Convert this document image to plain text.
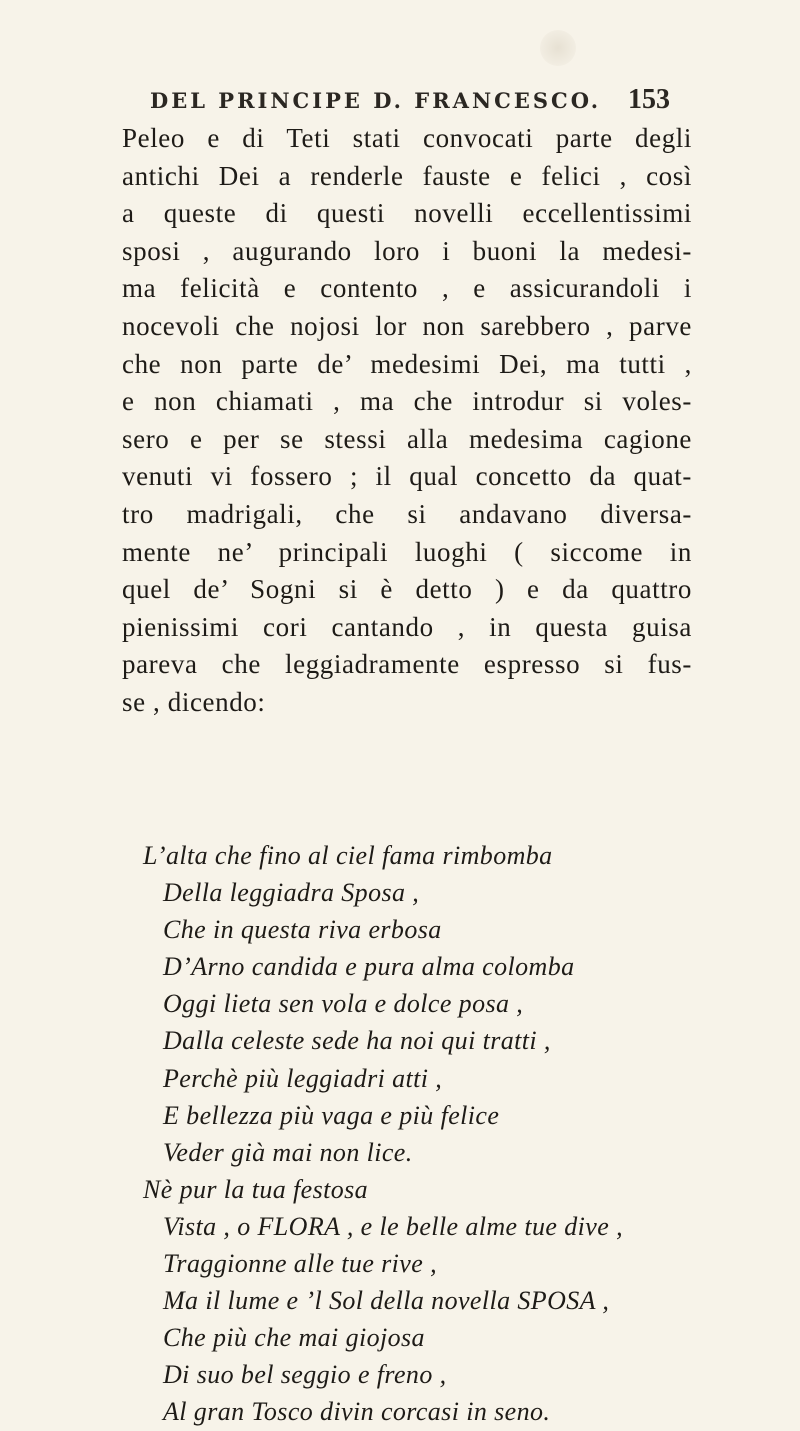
DEL PRINCIPE D. FRANCESCO. 153
Peleo e di Teti stati convocati parte degli
antichi Dei a renderle fauste e felici , così
a queste di questi novelli eccellentissimi
sposi , augurando loro i buoni la medesi-
ma felicità e contento , e assicurandoli i
nocevoli che nojosi lor non sarebbero , parve
che non parte de’ medesimi Dei, ma tutti ,
e non chiamati , ma che introdur si voles-
sero e per se stessi alla medesima cagione
venuti vi fossero ; il qual concetto da quat-
tro madrigali, che si andavano diversa-
mente ne’ principali luoghi ( siccome in
quel de’ Sogni si è detto ) e da quattro
pienissimi cori cantando , in questa guisa
pareva che leggiadramente espresso si fus-
se , dicendo:
L’alta che fino al ciel fama rimbomba
Della leggiadra Sposa ,
Che in questa riva erbosa
D’Arno candida e pura alma colomba
Oggi lieta sen vola e dolce posa ,
Dalla celeste sede ha noi qui tratti ,
Perchè più leggiadri atti ,
E bellezza più vaga e più felice
Veder già mai non lice.
Nè pur la tua festosa
Vista , o FLORA , e le belle alme tue dive ,
Traggionne alle tue rive ,
Ma il lume e ’l Sol della novella SPOSA ,
Che più che mai giojosa
Di suo bel seggio e freno ,
Al gran Tosco divin corcasi in seno.
